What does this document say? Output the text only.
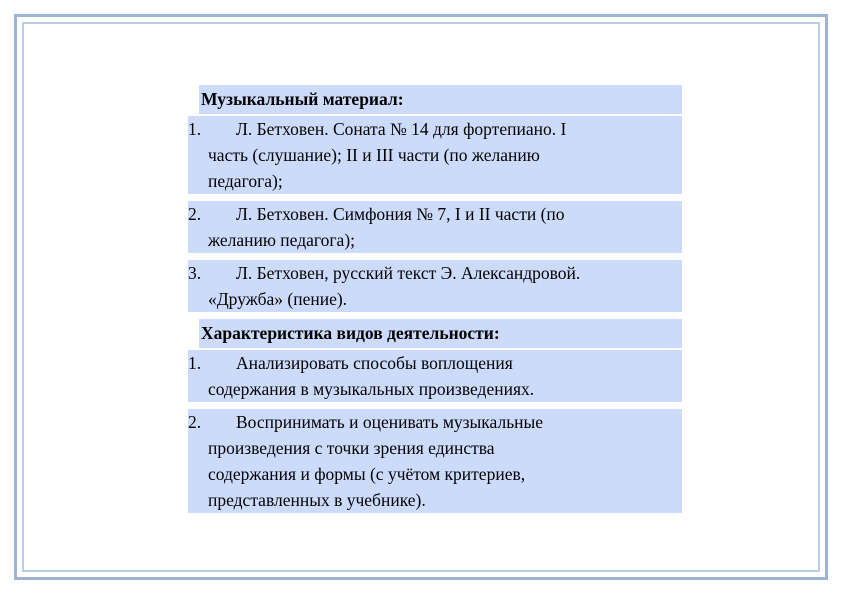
Музыкальный материал:
1.	Л. Бетховен. Соната № 14 для фортепиано. I
часть (слушание); II и III части (по желанию
педагога);
2.	Л. Бетховен. Симфония № 7, I и II части (по
желанию педагога);
3.	Л. Бетховен, русский текст Э. Александровой.
«Дружба» (пение).
Характеристика видов деятельности:
1.	Анализировать способы воплощения
содержания в музыкальных произведениях.
2.	Воспринимать и оценивать музыкальные
произведения с точки зрения единства
содержания и формы (с учётом критериев,
представленных в учебнике).
